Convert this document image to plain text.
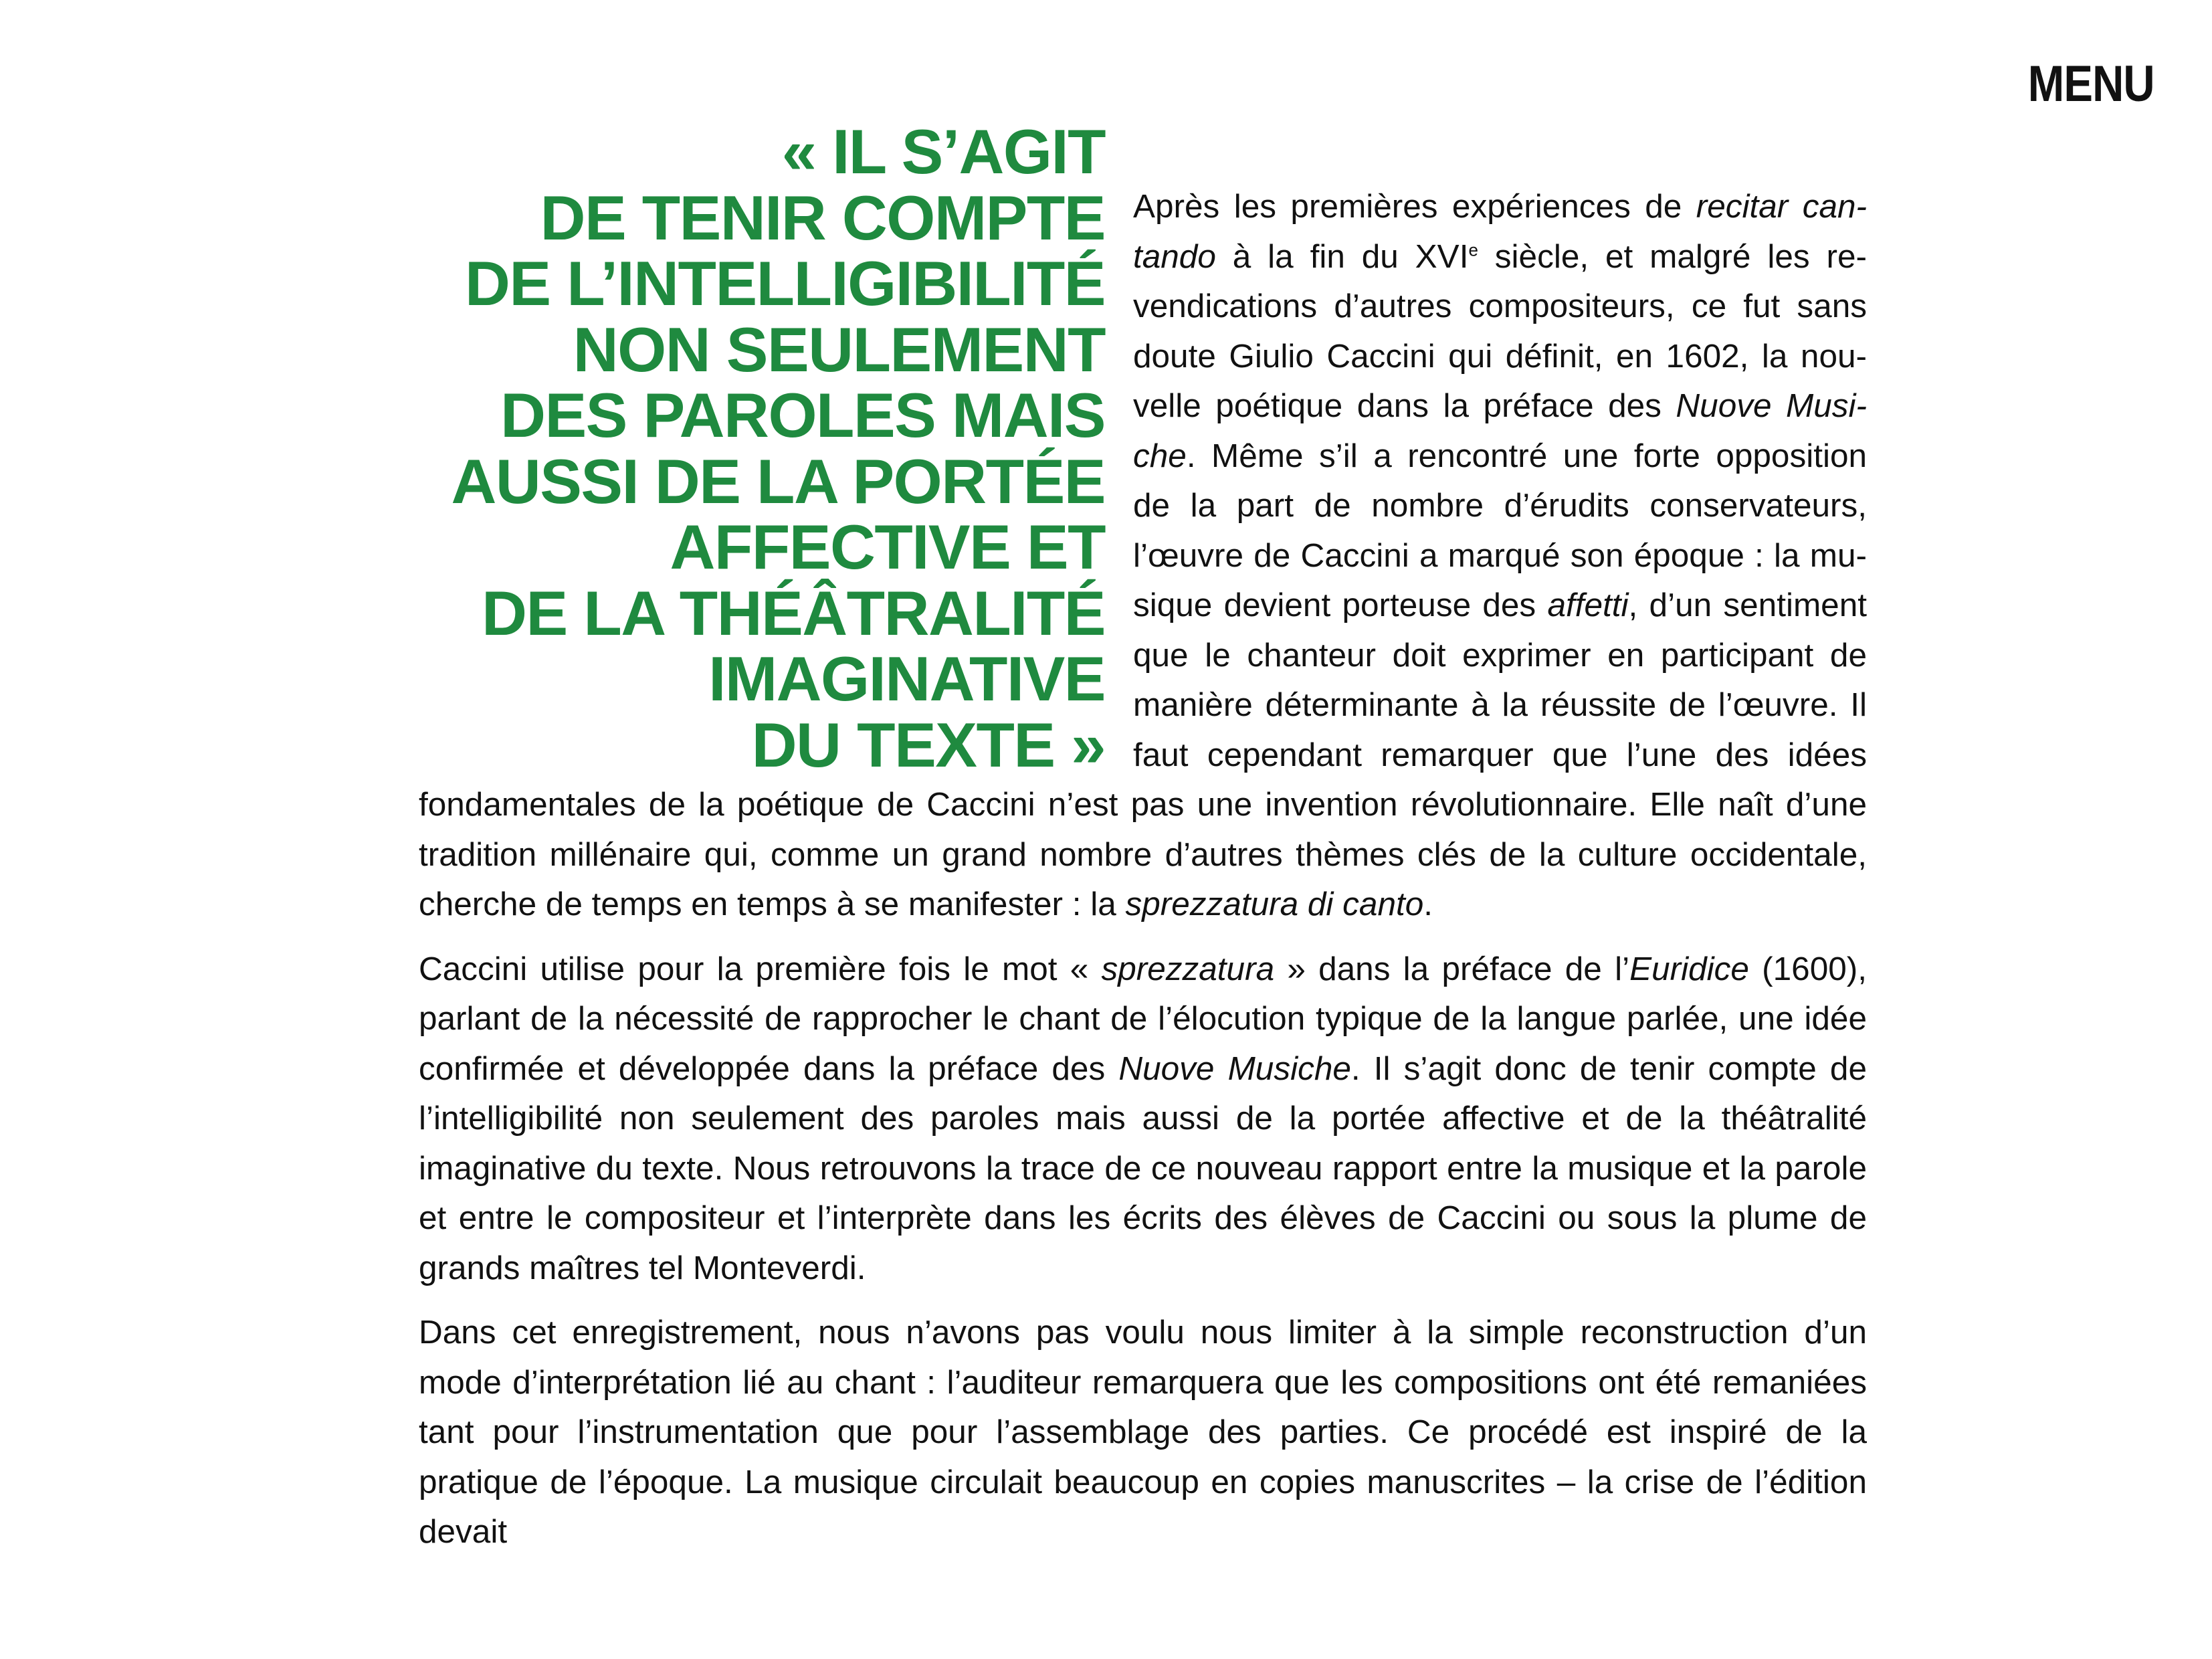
MENU
« IL S’AGIT
DE TENIR COMPTE
DE L’INTELLIGIBILITÉ
NON SEULEMENT
DES PAROLES MAIS
AUSSI DE LA PORTÉE
AFFECTIVE ET
DE LA THÉÂTRALITÉ
IMAGINATIVE
DU TEXTE »

Après les premières expériences de recitar cantando à la fin du XVIe siècle, et malgré les revendications d’autres compositeurs, ce fut sans doute Giulio Caccini qui définit, en 1602, la nouvelle poétique dans la préface des Nuove Musiche. Même s’il a rencontré une forte opposition de la part de nombre d’érudits conservateurs, l’œuvre de Caccini a marqué son époque : la musique devient porteuse des affetti, d’un sentiment que le chanteur doit exprimer en participant de manière déterminante à la réussite de l’œuvre. Il faut cependant remarquer que l’une des idées fondamentales de la poétique de Caccini n’est pas une invention révolutionnaire. Elle naît d’une tradition millénaire qui, comme un grand nombre d’autres thèmes clés de la culture occidentale, cherche de temps en temps à se manifester : la sprezzatura di canto.

Caccini utilise pour la première fois le mot « sprezzatura » dans la préface de l’Euridice (1600), parlant de la nécessité de rapprocher le chant de l’élocution typique de la langue parlée, une idée confirmée et développée dans la préface des Nuove Musiche. Il s’agit donc de tenir compte de l’intelligibilité non seulement des paroles mais aussi de la portée affective et de la théâtralité imaginative du texte. Nous retrouvons la trace de ce nouveau rapport entre la musique et la parole et entre le compositeur et l’interprète dans les écrits des élèves de Caccini ou sous la plume de grands maîtres tel Monteverdi.

Dans cet enregistrement, nous n’avons pas voulu nous limiter à la simple reconstruction d’un mode d’interprétation lié au chant : l’auditeur remarquera que les compositions ont été remaniées tant pour l’instrumentation que pour l’assemblage des parties. Ce procédé est inspiré de la pratique de l’époque. La musique circulait beaucoup en copies manuscrites – la crise de l’édition devait
